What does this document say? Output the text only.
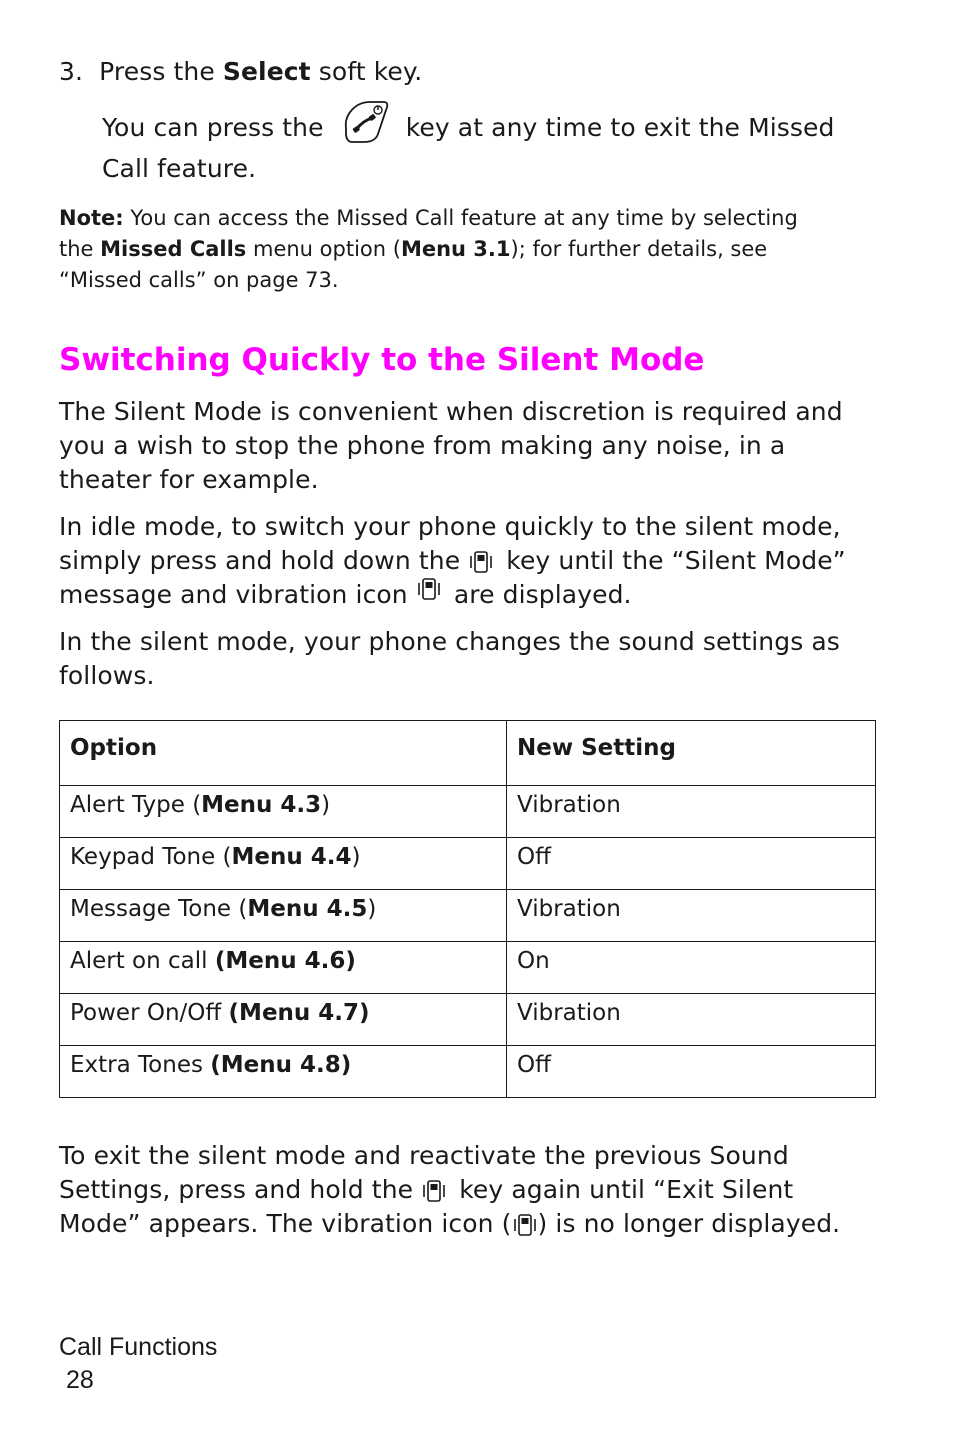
3. Press the Select soft key.

You can press the	key at any time to exit the Missed
Call feature.

Note: You can access the Missed Call feature at any time by selecting
the Missed Calls menu option (Menu 3.1); for further details, see
“Missed calls” on page 73.
Switching Quickly to the Silent Mode
The Silent Mode is convenient when discretion is required and
you a wish to stop the phone from making any noise, in a
theater for example.
In idle mode, to switch your phone quickly to the silent mode,
simply press and hold down the  key until the “Silent Mode”
message and vibration icon  are displayed.
In the silent mode, your phone changes the sound settings as
follows.
Option	New Setting
Alert Type (Menu 4.3)	Vibration
Keypad Tone (Menu 4.4)	Off
Message Tone (Menu 4.5)	Vibration
Alert on call (Menu 4.6)	On
Power On/Off (Menu 4.7)	Vibration
Extra Tones (Menu 4.8)	Off
To exit the silent mode and reactivate the previous Sound
Settings, press and hold the  key again until “Exit Silent
Mode” appears. The vibration icon ( ) is no longer displayed.
Call Functions
28
